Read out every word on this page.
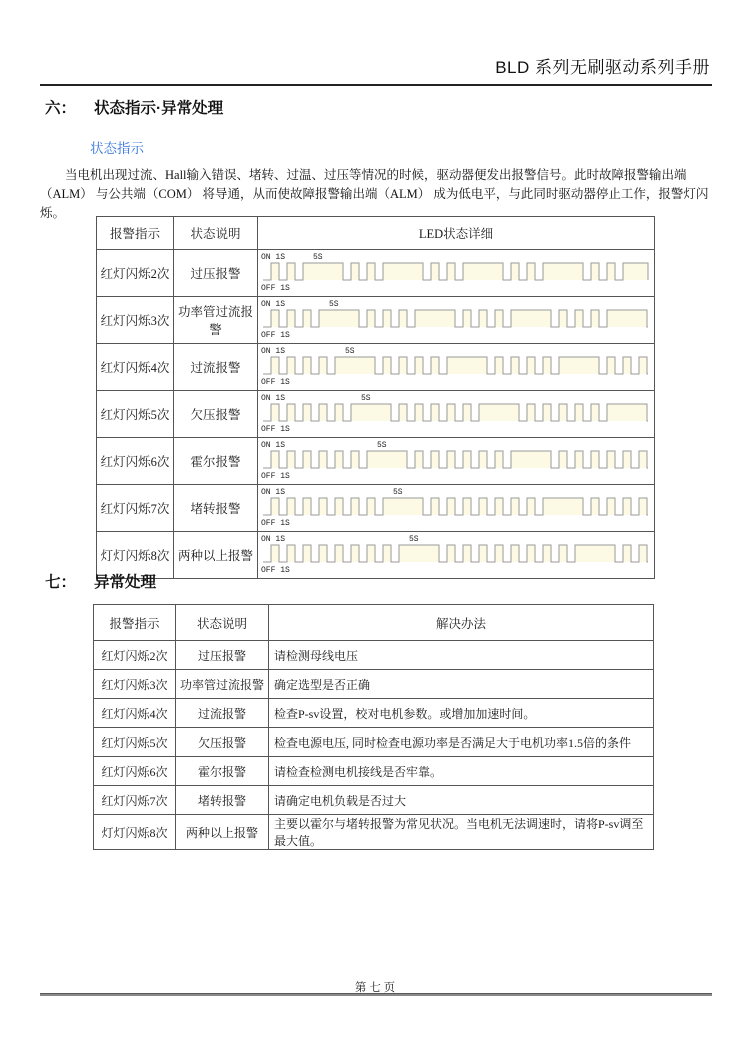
BLD 系列无刷驱动系列手册
六： 状态指示·异常处理
状态指示
当电机出现过流、Hall输入错误、堵转、过温、过压等情况的时候，驱动器便发出报警信号。此时故障报警输出端（ALM） 与公共端（COM） 将导通，从而使故障报警输出端（ALM） 成为低电平，与此同时驱动器停止工作，报警灯闪烁。
报警指示	状态说明	LED状态详细
红灯闪烁2次	过压报警	ON 1S 5S
OFF 1S

红灯闪烁3次	功率管过流报警	ON 1S 5S
OFF 1S

红灯闪烁4次	过流报警	ON 1S 5S
OFF 1S

红灯闪烁5次	欠压报警	ON 1S 5S
OFF 1S

红灯闪烁6次	霍尔报警	ON 1S 5S
OFF 1S

红灯闪烁7次	堵转报警	ON 1S 5S
OFF 1S

灯灯闪烁8次	两种以上报警	ON 1S 5S
OFF 1S
七： 异常处理
报警指示	状态说明	解决办法
红灯闪烁2次	过压报警	请检测母线电压
红灯闪烁3次	功率管过流报警	确定选型是否正确
红灯闪烁4次	过流报警	检查P-sv设置，校对电机参数。或增加加速时间。
红灯闪烁5次	欠压报警	检查电源电压, 同时检查电源功率是否满足大于电机功率1.5倍的条件
红灯闪烁6次	霍尔报警	请检查检测电机接线是否牢靠。
红灯闪烁7次	堵转报警	请确定电机负载是否过大
灯灯闪烁8次	两种以上报警	主要以霍尔与堵转报警为常见状况。当电机无法调速时，请将P-sv调至最大值。
第 七 页
